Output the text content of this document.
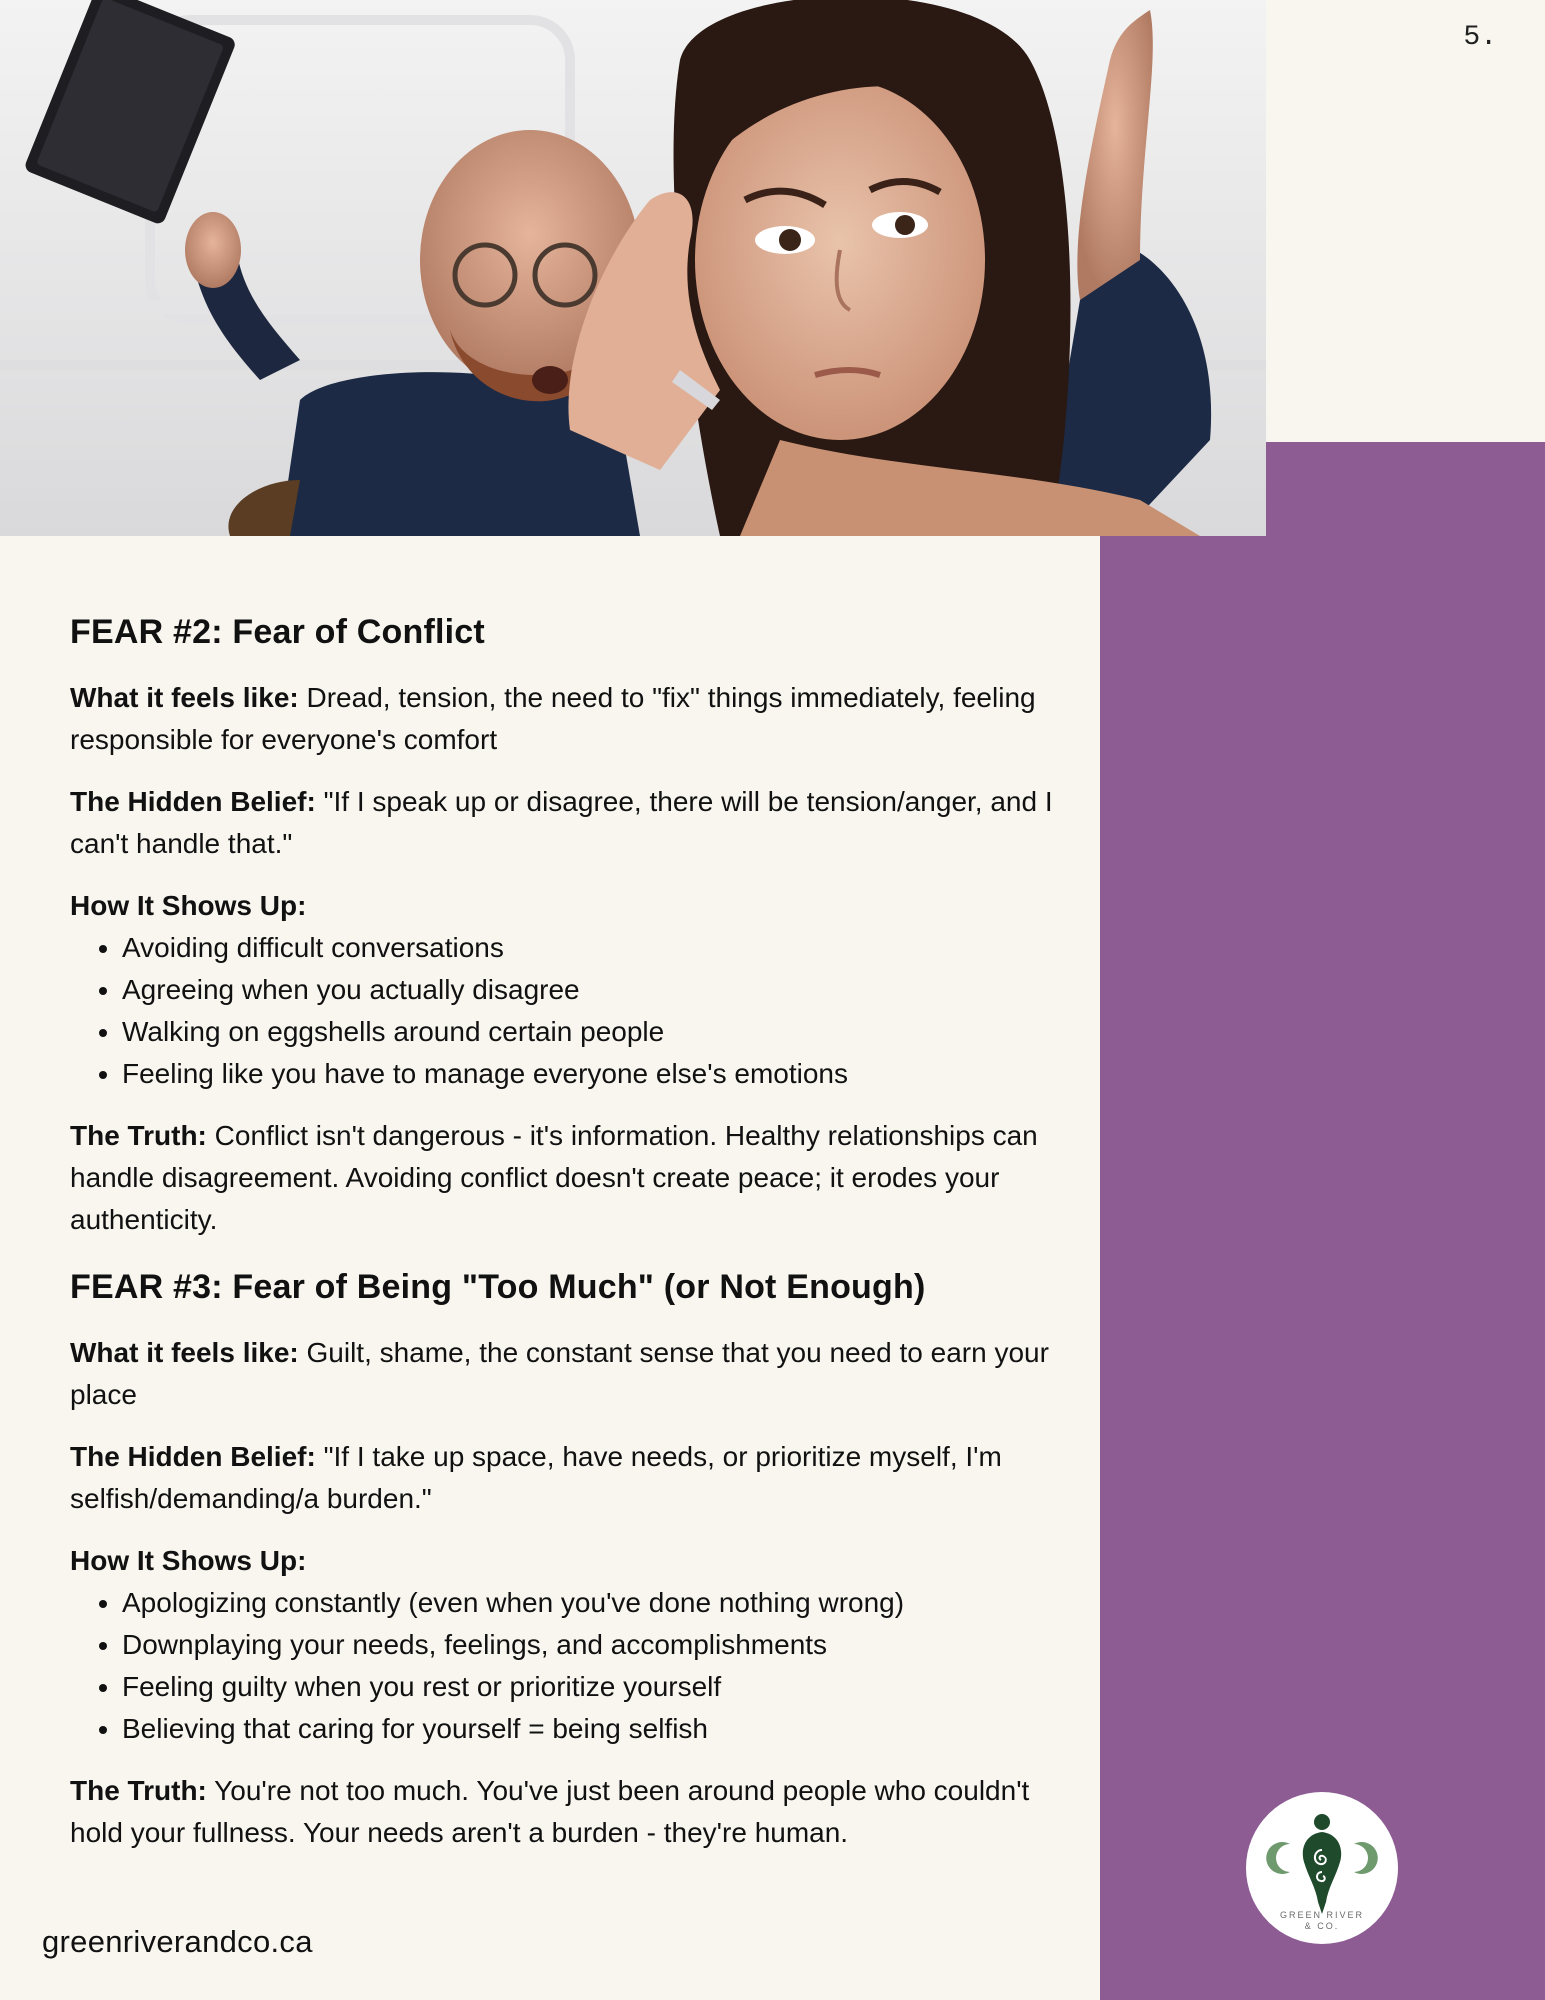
5.
FEAR #2: Fear of Conflict

What it feels like: Dread, tension, the need to "fix" things immediately, feeling responsible for everyone's comfort

The Hidden Belief: "If I speak up or disagree, there will be tension/anger, and I can't handle that."

How It Shows Up:
• Avoiding difficult conversations
• Agreeing when you actually disagree
• Walking on eggshells around certain people
• Feeling like you have to manage everyone else's emotions

The Truth: Conflict isn't dangerous - it's information. Healthy relationships can handle disagreement. Avoiding conflict doesn't create peace; it erodes your authenticity.

FEAR #3: Fear of Being "Too Much" (or Not Enough)

What it feels like: Guilt, shame, the constant sense that you need to earn your place

The Hidden Belief: "If I take up space, have needs, or prioritize myself, I'm selfish/demanding/a burden."

How It Shows Up:
• Apologizing constantly (even when you've done nothing wrong)
• Downplaying your needs, feelings, and accomplishments
• Feeling guilty when you rest or prioritize yourself
• Believing that caring for yourself = being selfish

The Truth: You're not too much. You've just been around people who couldn't hold your fullness. Your needs aren't a burden - they're human.

greenriverandco.ca
GREEN RIVER
& CO.
